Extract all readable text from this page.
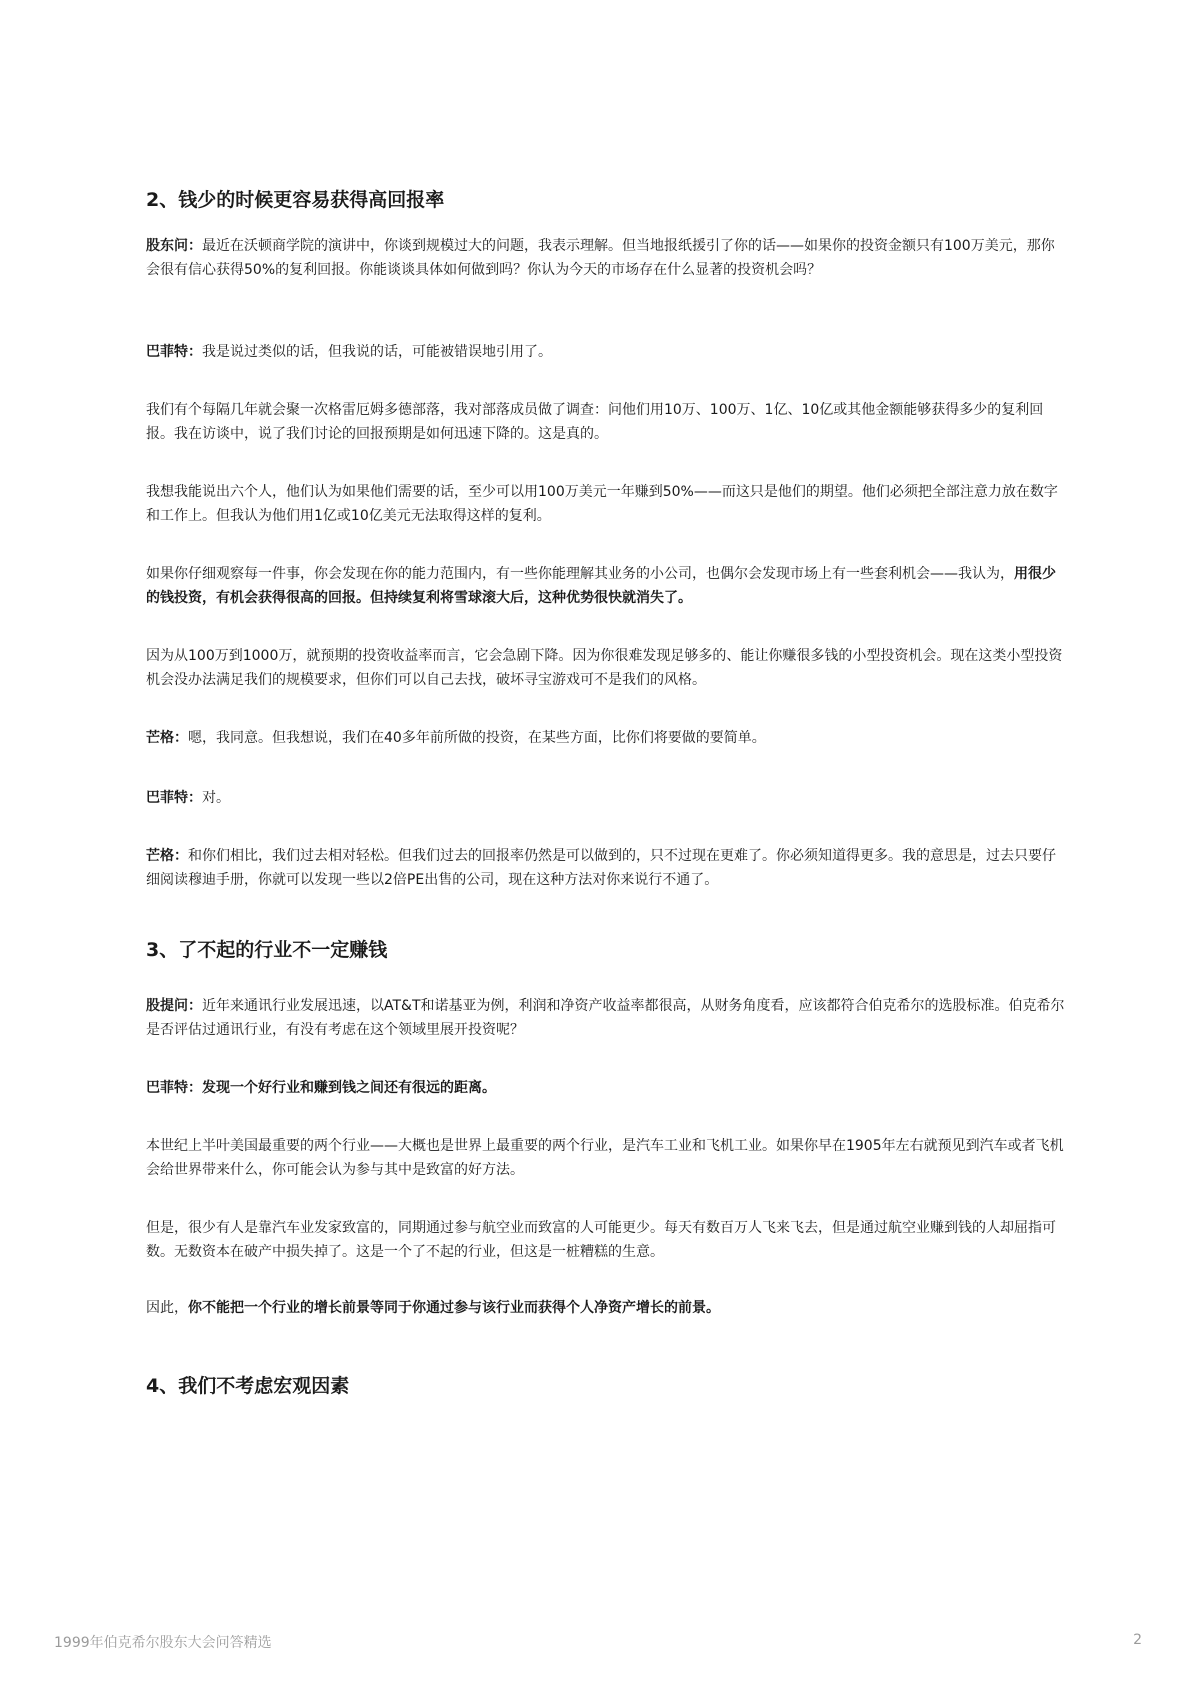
2、钱少的时候更容易获得高回报率

股东问：最近在沃顿商学院的演讲中，你谈到规模过大的问题，我表示理解。但当地报纸援引了你的话——如果你的投资金额只有100万美元，那你会很有信心获得50%的复利回报。你能谈谈具体如何做到吗？你认为今天的市场存在什么显著的投资机会吗？

巴菲特：我是说过类似的话，但我说的话，可能被错误地引用了。

我们有个每隔几年就会聚一次格雷厄姆多德部落，我对部落成员做了调查：问他们用10万、100万、1亿、10亿或其他金额能够获得多少的复利回报。我在访谈中，说了我们讨论的回报预期是如何迅速下降的。这是真的。

我想我能说出六个人，他们认为如果他们需要的话，至少可以用100万美元一年赚到50%——而这只是他们的期望。他们必须把全部注意力放在数字和工作上。但我认为他们用1亿或10亿美元无法取得这样的复利。

如果你仔细观察每一件事，你会发现在你的能力范围内，有一些你能理解其业务的小公司，也偶尔会发现市场上有一些套利机会——我认为，用很少的钱投资，有机会获得很高的回报。但持续复利将雪球滚大后，这种优势很快就消失了。

因为从100万到1000万，就预期的投资收益率而言，它会急剧下降。因为你很难发现足够多的、能让你赚很多钱的小型投资机会。现在这类小型投资机会没办法满足我们的规模要求，但你们可以自己去找，破坏寻宝游戏可不是我们的风格。

芒格：嗯，我同意。但我想说，我们在40多年前所做的投资，在某些方面，比你们将要做的要简单。

巴菲特：对。

芒格：和你们相比，我们过去相对轻松。但我们过去的回报率仍然是可以做到的，只不过现在更难了。你必须知道得更多。我的意思是，过去只要仔细阅读穆迪手册，你就可以发现一些以2倍PE出售的公司，现在这种方法对你来说行不通了。

3、了不起的行业不一定赚钱

股提问：近年来通讯行业发展迅速，以AT&T和诺基亚为例，利润和净资产收益率都很高，从财务角度看，应该都符合伯克希尔的选股标准。伯克希尔是否评估过通讯行业，有没有考虑在这个领域里展开投资呢？

巴菲特：发现一个好行业和赚到钱之间还有很远的距离。

本世纪上半叶美国最重要的两个行业——大概也是世界上最重要的两个行业，是汽车工业和飞机工业。如果你早在1905年左右就预见到汽车或者飞机会给世界带来什么，你可能会认为参与其中是致富的好方法。

但是，很少有人是靠汽车业发家致富的，同期通过参与航空业而致富的人可能更少。每天有数百万人飞来飞去，但是通过航空业赚到钱的人却屈指可数。无数资本在破产中损失掉了。这是一个了不起的行业，但这是一桩糟糕的生意。

因此，你不能把一个行业的增长前景等同于你通过参与该行业而获得个人净资产增长的前景。

4、我们不考虑宏观因素
1999年伯克希尔股东大会问答精选	2
